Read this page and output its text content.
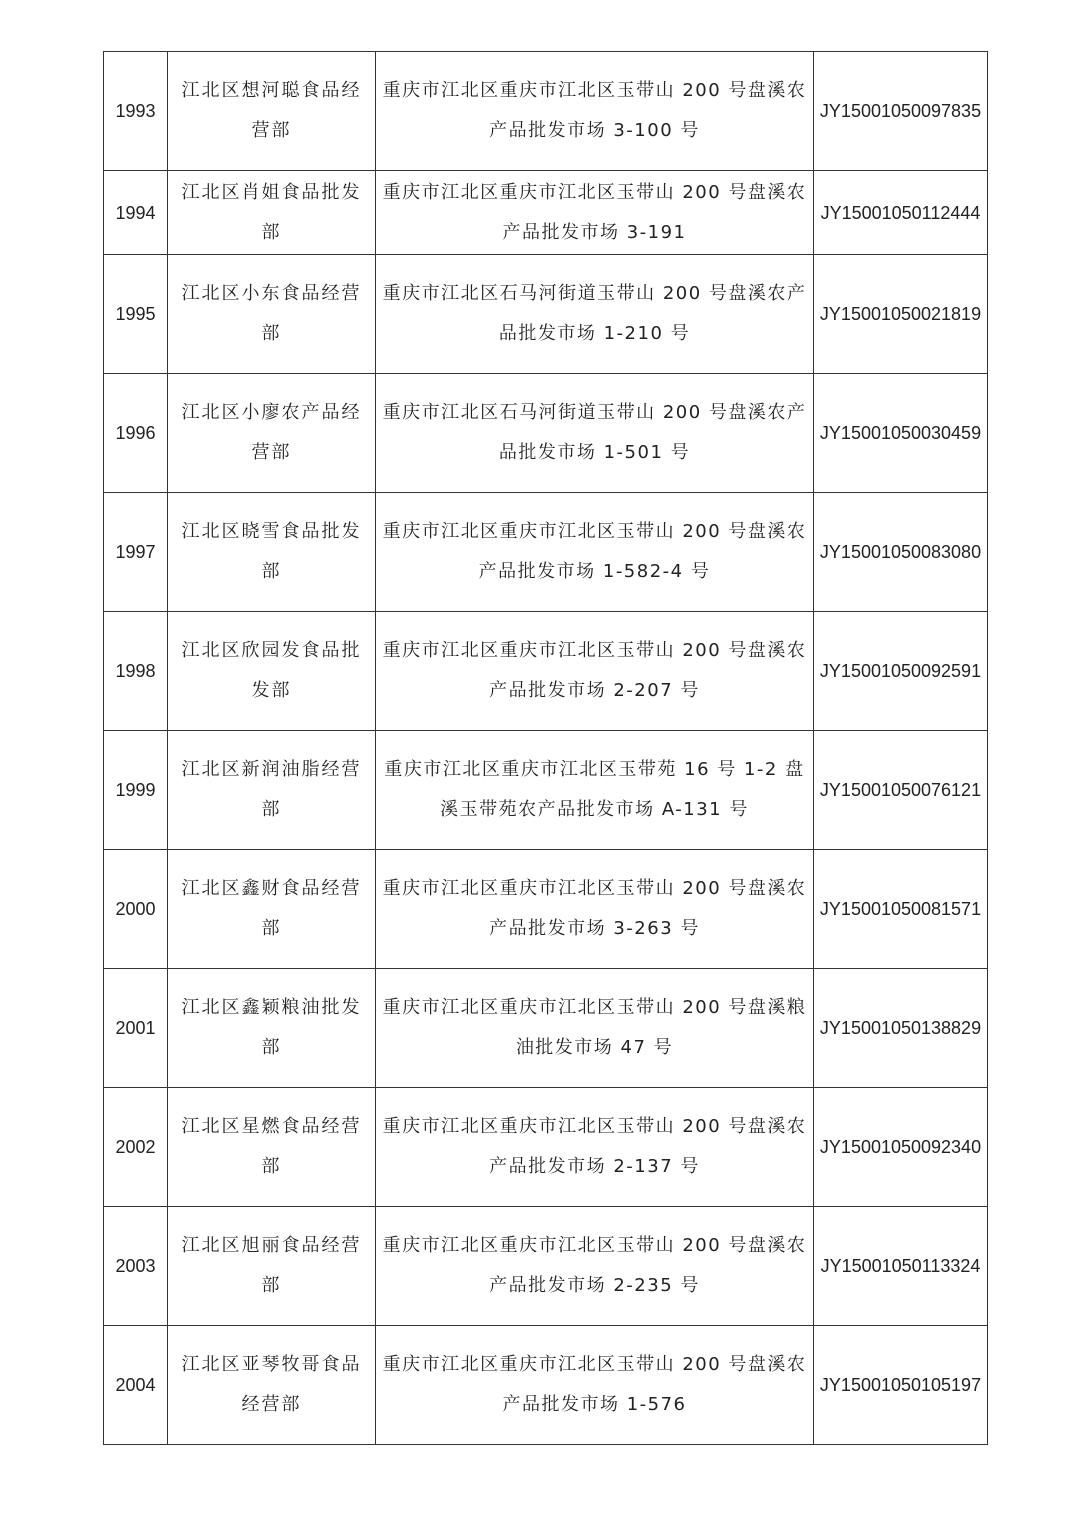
1993	江北区想河聪食品经营部	重庆市江北区重庆市江北区玉带山 200 号盘溪农产品批发市场 3-100 号	JY15001050097835
1994	江北区肖姐食品批发部	重庆市江北区重庆市江北区玉带山 200 号盘溪农产品批发市场 3-191	JY15001050112444
1995	江北区小东食品经营部	重庆市江北区石马河街道玉带山 200 号盘溪农产品批发市场 1-210 号	JY15001050021819
1996	江北区小廖农产品经营部	重庆市江北区石马河街道玉带山 200 号盘溪农产品批发市场 1-501 号	JY15001050030459
1997	江北区晓雪食品批发部	重庆市江北区重庆市江北区玉带山 200 号盘溪农产品批发市场 1-582-4 号	JY15001050083080
1998	江北区欣园发食品批发部	重庆市江北区重庆市江北区玉带山 200 号盘溪农产品批发市场 2-207 号	JY15001050092591
1999	江北区新润油脂经营部	重庆市江北区重庆市江北区玉带苑 16 号 1-2 盘溪玉带苑农产品批发市场 A-131 号	JY15001050076121
2000	江北区鑫财食品经营部	重庆市江北区重庆市江北区玉带山 200 号盘溪农产品批发市场 3-263 号	JY15001050081571
2001	江北区鑫颖粮油批发部	重庆市江北区重庆市江北区玉带山 200 号盘溪粮油批发市场 47 号	JY15001050138829
2002	江北区星燃食品经营部	重庆市江北区重庆市江北区玉带山 200 号盘溪农产品批发市场 2-137 号	JY15001050092340
2003	江北区旭丽食品经营部	重庆市江北区重庆市江北区玉带山 200 号盘溪农产品批发市场 2-235 号	JY15001050113324
2004	江北区亚琴牧哥食品经营部	重庆市江北区重庆市江北区玉带山 200 号盘溪农产品批发市场 1-576	JY15001050105197
